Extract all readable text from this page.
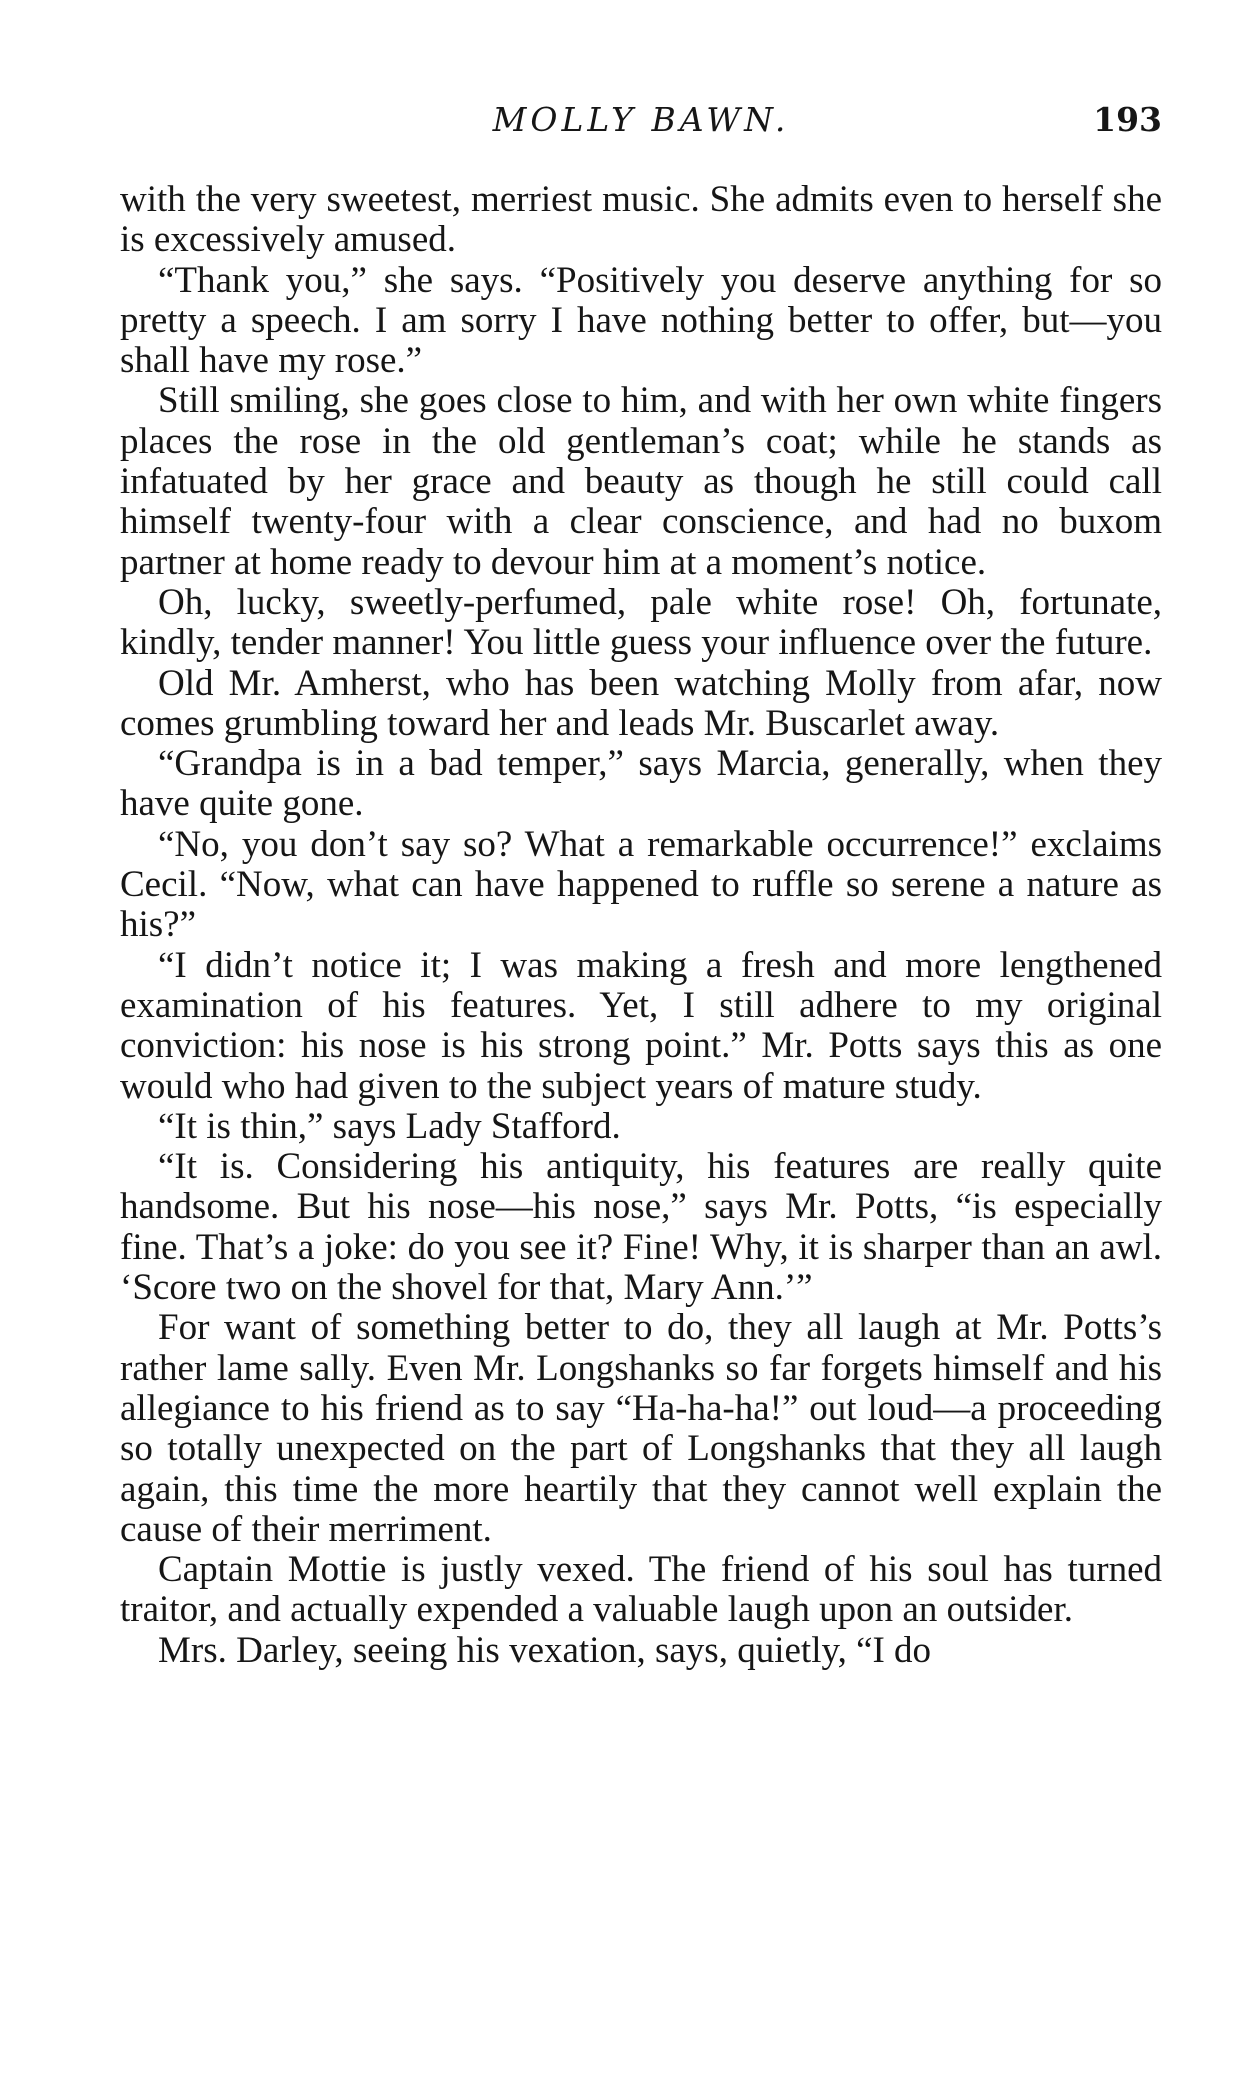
MOLLY BAWN.	193

with the very sweetest, merriest music. She admits even to herself she is excessively amused.

“Thank you,” she says. “Positively you deserve anything for so pretty a speech. I am sorry I have nothing better to offer, but—you shall have my rose.”

Still smiling, she goes close to him, and with her own white fingers places the rose in the old gentleman’s coat; while he stands as infatuated by her grace and beauty as though he still could call himself twenty-four with a clear conscience, and had no buxom partner at home ready to devour him at a moment’s notice.

Oh, lucky, sweetly-perfumed, pale white rose! Oh, fortunate, kindly, tender manner! You little guess your influence over the future.

Old Mr. Amherst, who has been watching Molly from afar, now comes grumbling toward her and leads Mr. Buscarlet away.

“Grandpa is in a bad temper,” says Marcia, generally, when they have quite gone.

“No, you don’t say so? What a remarkable occurrence!” exclaims Cecil. “Now, what can have happened to ruffle so serene a nature as his?”

“I didn’t notice it; I was making a fresh and more lengthened examination of his features. Yet, I still adhere to my original conviction: his nose is his strong point.” Mr. Potts says this as one would who had given to the subject years of mature study.

“It is thin,” says Lady Stafford.

“It is. Considering his antiquity, his features are really quite handsome. But his nose—his nose,” says Mr. Potts, “is especially fine. That’s a joke: do you see it? Fine! Why, it is sharper than an awl. ‘Score two on the shovel for that, Mary Ann.’”

For want of something better to do, they all laugh at Mr. Potts’s rather lame sally. Even Mr. Longshanks so far forgets himself and his allegiance to his friend as to say “Ha-ha-ha!” out loud—a proceeding so totally unexpected on the part of Longshanks that they all laugh again, this time the more heartily that they cannot well explain the cause of their merriment.

Captain Mottie is justly vexed. The friend of his soul has turned traitor, and actually expended a valuable laugh upon an outsider.

Mrs. Darley, seeing his vexation, says, quietly, “I do
